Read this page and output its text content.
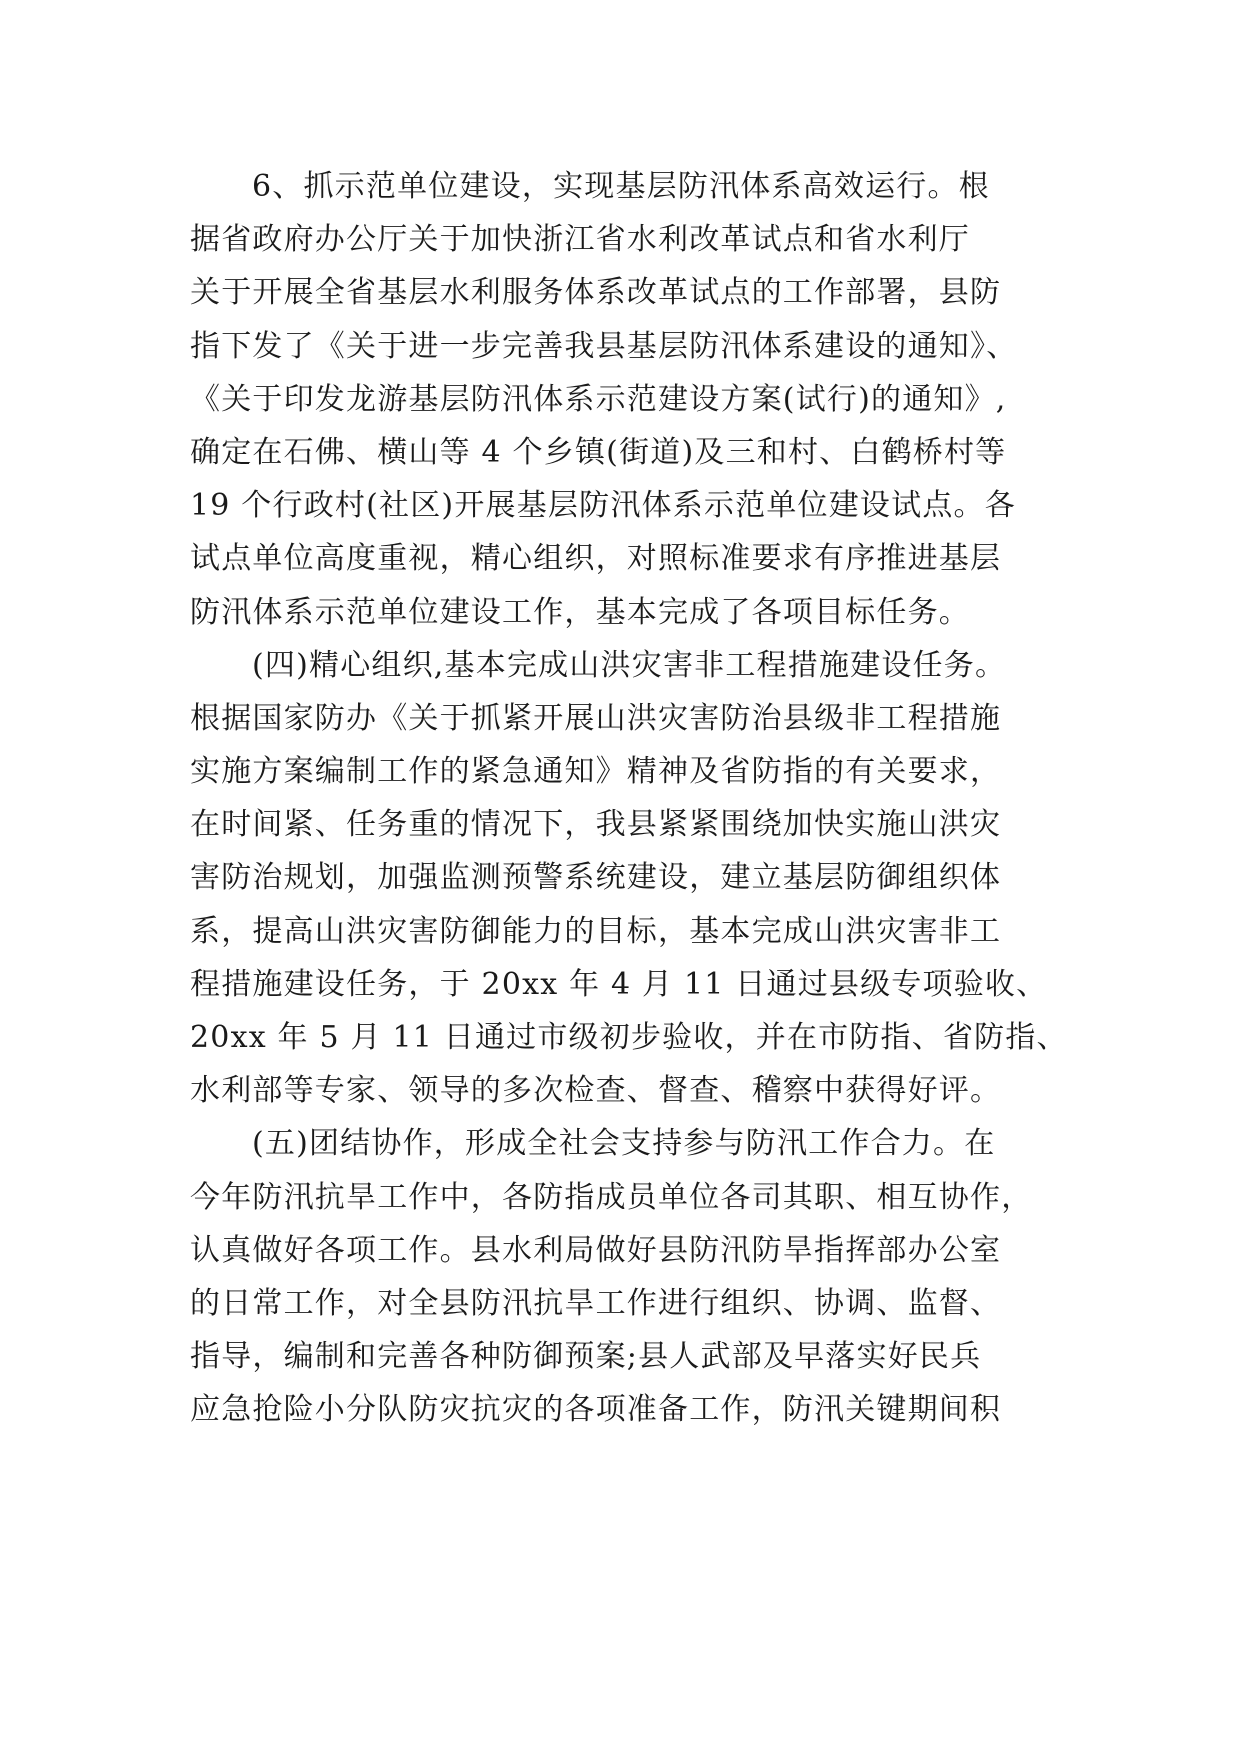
6、抓示范单位建设，实现基层防汛体系高效运行。根
据省政府办公厅关于加快浙江省水利改革试点和省水利厅
关于开展全省基层水利服务体系改革试点的工作部署，县防
指下发了《关于进一步完善我县基层防汛体系建设的通知》、
《关于印发龙游基层防汛体系示范建设方案(试行)的通知》,
确定在石佛、横山等 4 个乡镇(街道)及三和村、白鹤桥村等
19 个行政村(社区)开展基层防汛体系示范单位建设试点。各
试点单位高度重视，精心组织，对照标准要求有序推进基层
防汛体系示范单位建设工作，基本完成了各项目标任务。
(四)精心组织,基本完成山洪灾害非工程措施建设任务。
根据国家防办《关于抓紧开展山洪灾害防治县级非工程措施
实施方案编制工作的紧急通知》精神及省防指的有关要求，
在时间紧、任务重的情况下，我县紧紧围绕加快实施山洪灾
害防治规划，加强监测预警系统建设，建立基层防御组织体
系，提高山洪灾害防御能力的目标，基本完成山洪灾害非工
程措施建设任务，于 20xx 年 4 月 11 日通过县级专项验收、
20xx 年 5 月 11 日通过市级初步验收，并在市防指、省防指、
水利部等专家、领导的多次检查、督查、稽察中获得好评。
(五)团结协作，形成全社会支持参与防汛工作合力。在
今年防汛抗旱工作中，各防指成员单位各司其职、相互协作，
认真做好各项工作。县水利局做好县防汛防旱指挥部办公室
的日常工作，对全县防汛抗旱工作进行组织、协调、监督、
指导，编制和完善各种防御预案;县人武部及早落实好民兵
应急抢险小分队防灾抗灾的各项准备工作，防汛关键期间积
